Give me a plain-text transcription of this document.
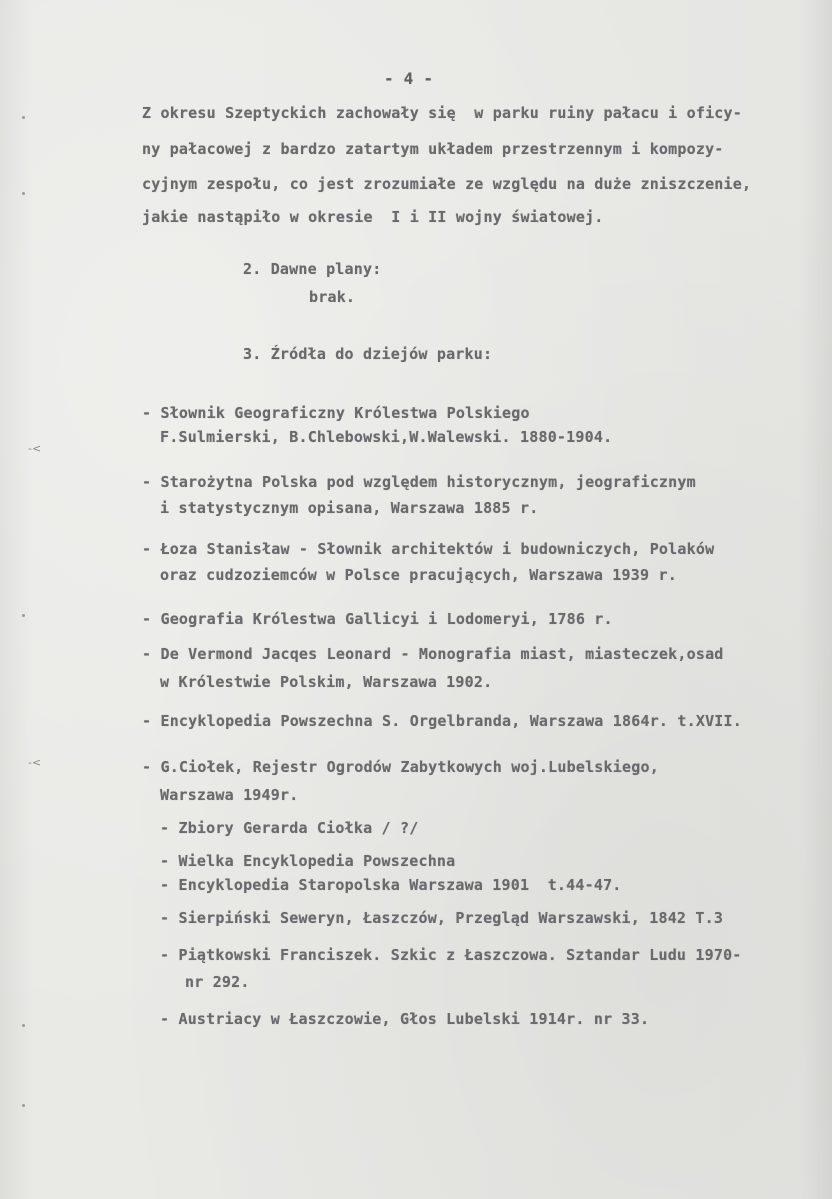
- 4 -
Z okresu Szeptyckich zachowały się  w parku ruiny pałacu i oficy-
ny pałacowej z bardzo zatartym układem przestrzennym i kompozy-
cyjnym zespołu, co jest zrozumiałe ze względu na duże zniszczenie,
jakie nastąpiło w okresie  I i II wojny światowej.
2. Dawne plany:
brak.
3. Źródła do dziejów parku:
- Słownik Geograficzny Królestwa Polskiego
F.Sulmierski, B.Chlebowski,W.Walewski. 1880-1904.
- Starożytna Polska pod względem historycznym, jeograficznym
i statystycznym opisana, Warszawa 1885 r.
- Łoza Stanisław - Słownik architektów i budowniczych, Polaków
oraz cudzoziemców w Polsce pracujących, Warszawa 1939 r.
- Geografia Królestwa Gallicyi i Lodomeryi, 1786 r.
- De Vermond Jacqes Leonard - Monografia miast, miasteczek,osad
w Królestwie Polskim, Warszawa 1902.
- Encyklopedia Powszechna S. Orgelbranda, Warszawa 1864r. t.XVII.
- G.Ciołek, Rejestr Ogrodów Zabytkowych woj.Lubelskiego,
Warszawa 1949r.
- Zbiory Gerarda Ciołka / ?/
- Wielka Encyklopedia Powszechna
- Encyklopedia Staropolska Warszawa 1901  t.44-47.
- Sierpiński Seweryn, Łaszczów, Przegląd Warszawski, 1842 T.3
- Piątkowski Franciszek. Szkic z Łaszczowa. Sztandar Ludu 1970-
nr 292.
- Austriacy w Łaszczowie, Głos Lubelski 1914r. nr 33.
-<
-<
